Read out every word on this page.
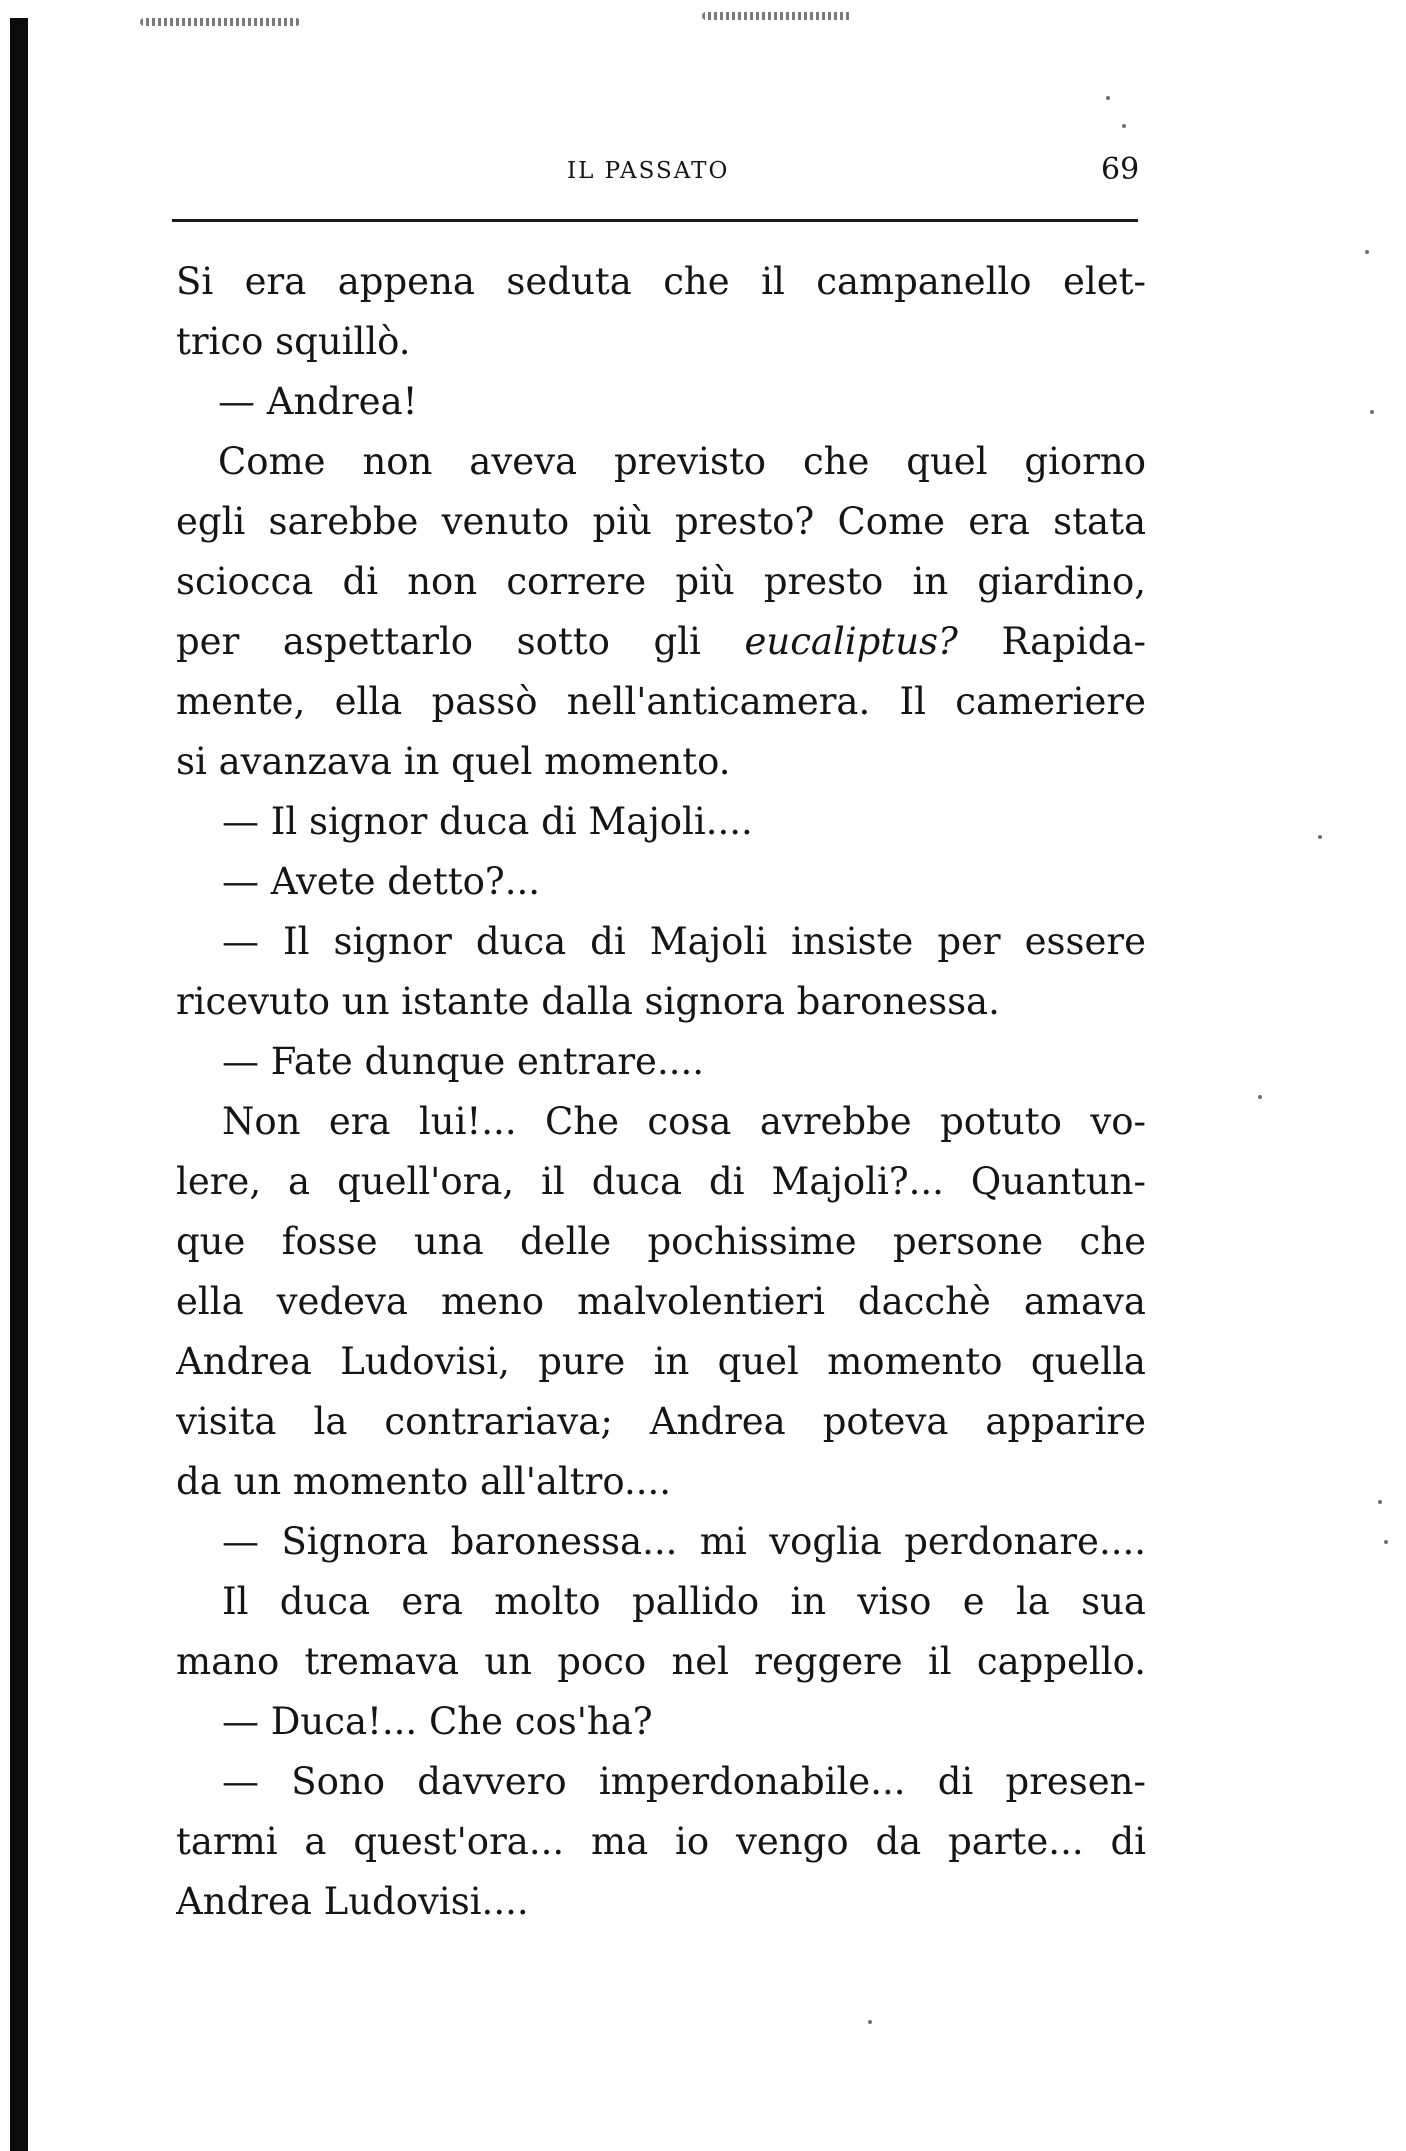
IL PASSATO	69
Si era appena seduta che il campanello elet-
trico squillò.
— Andrea!
Come non aveva previsto che quel giorno
egli sarebbe venuto più presto? Come era stata
sciocca di non correre più presto in giardino,
per aspettarlo sotto gli eucaliptus? Rapida-
mente, ella passò nell'anticamera. Il cameriere
si avanzava in quel momento.
— Il signor duca di Majoli....
— Avete detto?...
— Il signor duca di Majoli insiste per essere
ricevuto un istante dalla signora baronessa.
— Fate dunque entrare....
Non era lui!... Che cosa avrebbe potuto vo-
lere, a quell'ora, il duca di Majoli?... Quantun-
que fosse una delle pochissime persone che
ella vedeva meno malvolentieri dacchè amava
Andrea Ludovisi, pure in quel momento quella
visita la contrariava; Andrea poteva apparire
da un momento all'altro....
— Signora baronessa... mi voglia perdonare....
Il duca era molto pallido in viso e la sua
mano tremava un poco nel reggere il cappello.
— Duca!... Che cos'ha?
— Sono davvero imperdonabile... di presen-
tarmi a quest'ora... ma io vengo da parte... di
Andrea Ludovisi....
